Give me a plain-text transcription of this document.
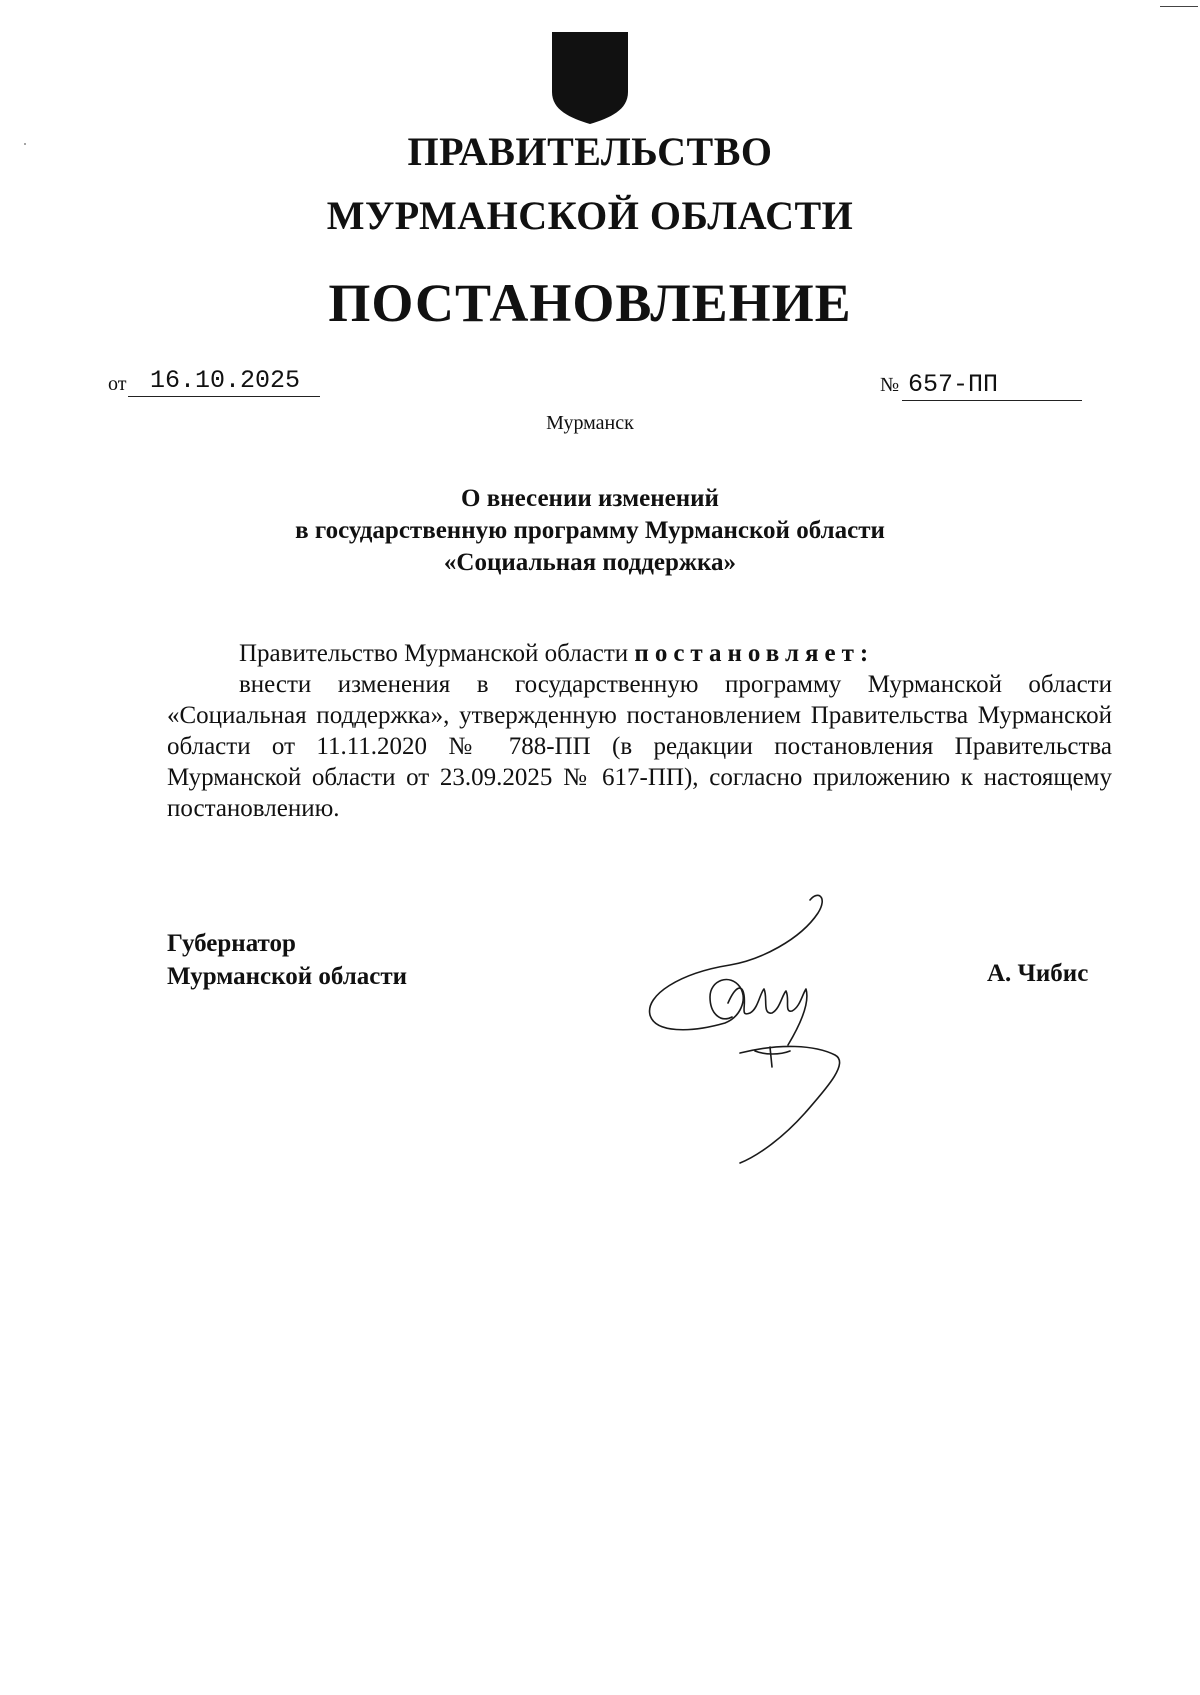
ПРАВИТЕЛЬСТВО
МУРМАНСКОЙ ОБЛАСТИ
ПОСТАНОВЛЕНИЕ
от 16.10.2025	№ 657-ПП
Мурманск
О внесении изменений
в государственную программу Мурманской области
«Социальная поддержка»
Правительство Мурманской области постановляет:
внести изменения в государственную программу Мурманской области «Социальная поддержка», утвержденную постановлением Правительства Мурманской области от 11.11.2020 № 788-ПП (в редакции постановления Правительства Мурманской области от 23.09.2025 № 617-ПП), согласно приложению к настоящему постановлению.
Губернатор
Мурманской области	А. Чибис
